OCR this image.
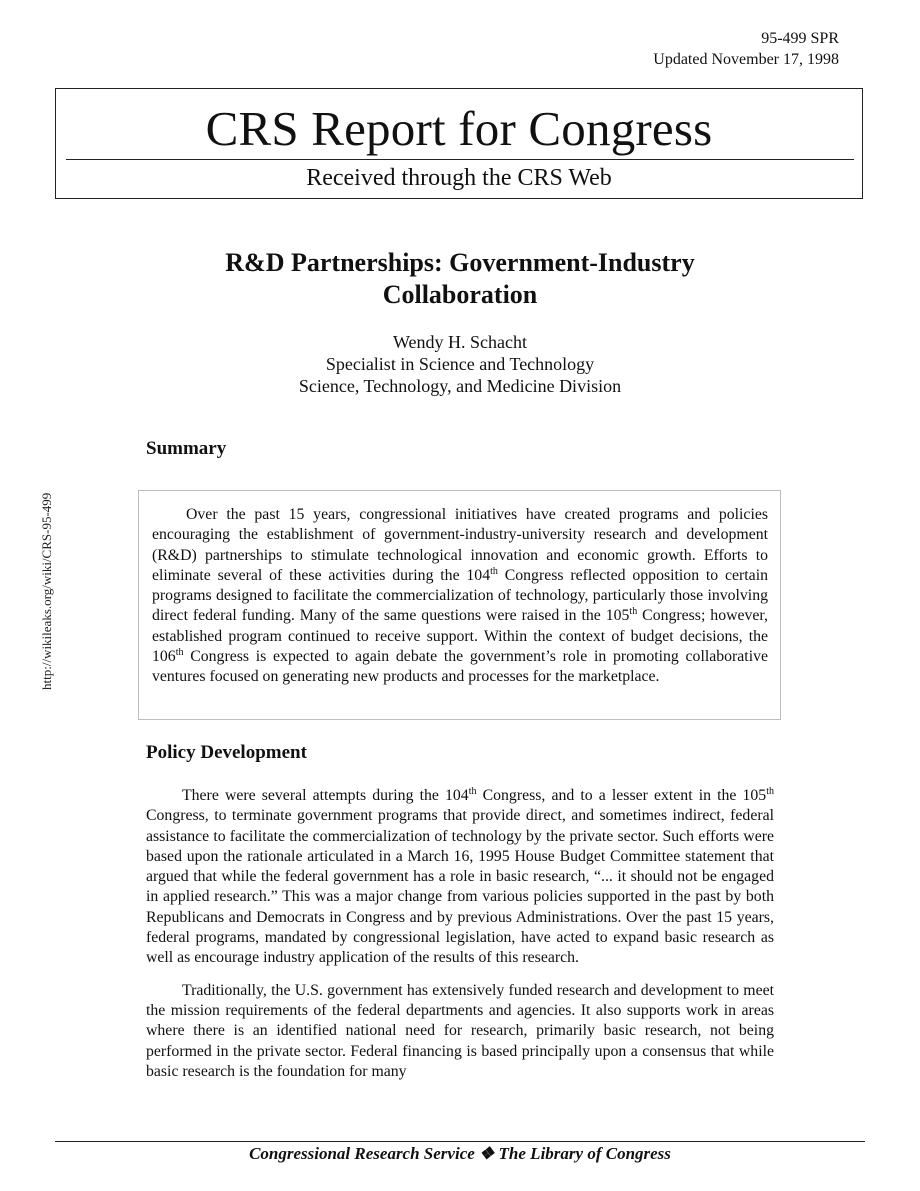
95-499 SPR
Updated November 17, 1998
CRS Report for Congress
Received through the CRS Web
R&D Partnerships: Government-Industry Collaboration
Wendy H. Schacht
Specialist in Science and Technology
Science, Technology, and Medicine Division
http://wikileaks.org/wiki/CRS-95-499
Summary

Over the past 15 years, congressional initiatives have created programs and policies encouraging the establishment of government-industry-university research and development (R&D) partnerships to stimulate technological innovation and economic growth. Efforts to eliminate several of these activities during the 104th Congress reflected opposition to certain programs designed to facilitate the commercialization of technology, particularly those involving direct federal funding. Many of the same questions were raised in the 105th Congress; however, established program continued to receive support. Within the context of budget decisions, the 106th Congress is expected to again debate the government’s role in promoting collaborative ventures focused on generating new products and processes for the marketplace.

Policy Development

There were several attempts during the 104th Congress, and to a lesser extent in the 105th Congress, to terminate government programs that provide direct, and sometimes indirect, federal assistance to facilitate the commercialization of technology by the private sector. Such efforts were based upon the rationale articulated in a March 16, 1995 House Budget Committee statement that argued that while the federal government has a role in basic research, “... it should not be engaged in applied research.” This was a major change from various policies supported in the past by both Republicans and Democrats in Congress and by previous Administrations. Over the past 15 years, federal programs, mandated by congressional legislation, have acted to expand basic research as well as encourage industry application of the results of this research.

Traditionally, the U.S. government has extensively funded research and development to meet the mission requirements of the federal departments and agencies. It also supports work in areas where there is an identified national need for research, primarily basic research, not being performed in the private sector. Federal financing is based principally upon a consensus that while basic research is the foundation for many

Congressional Research Service ❖ The Library of Congress
